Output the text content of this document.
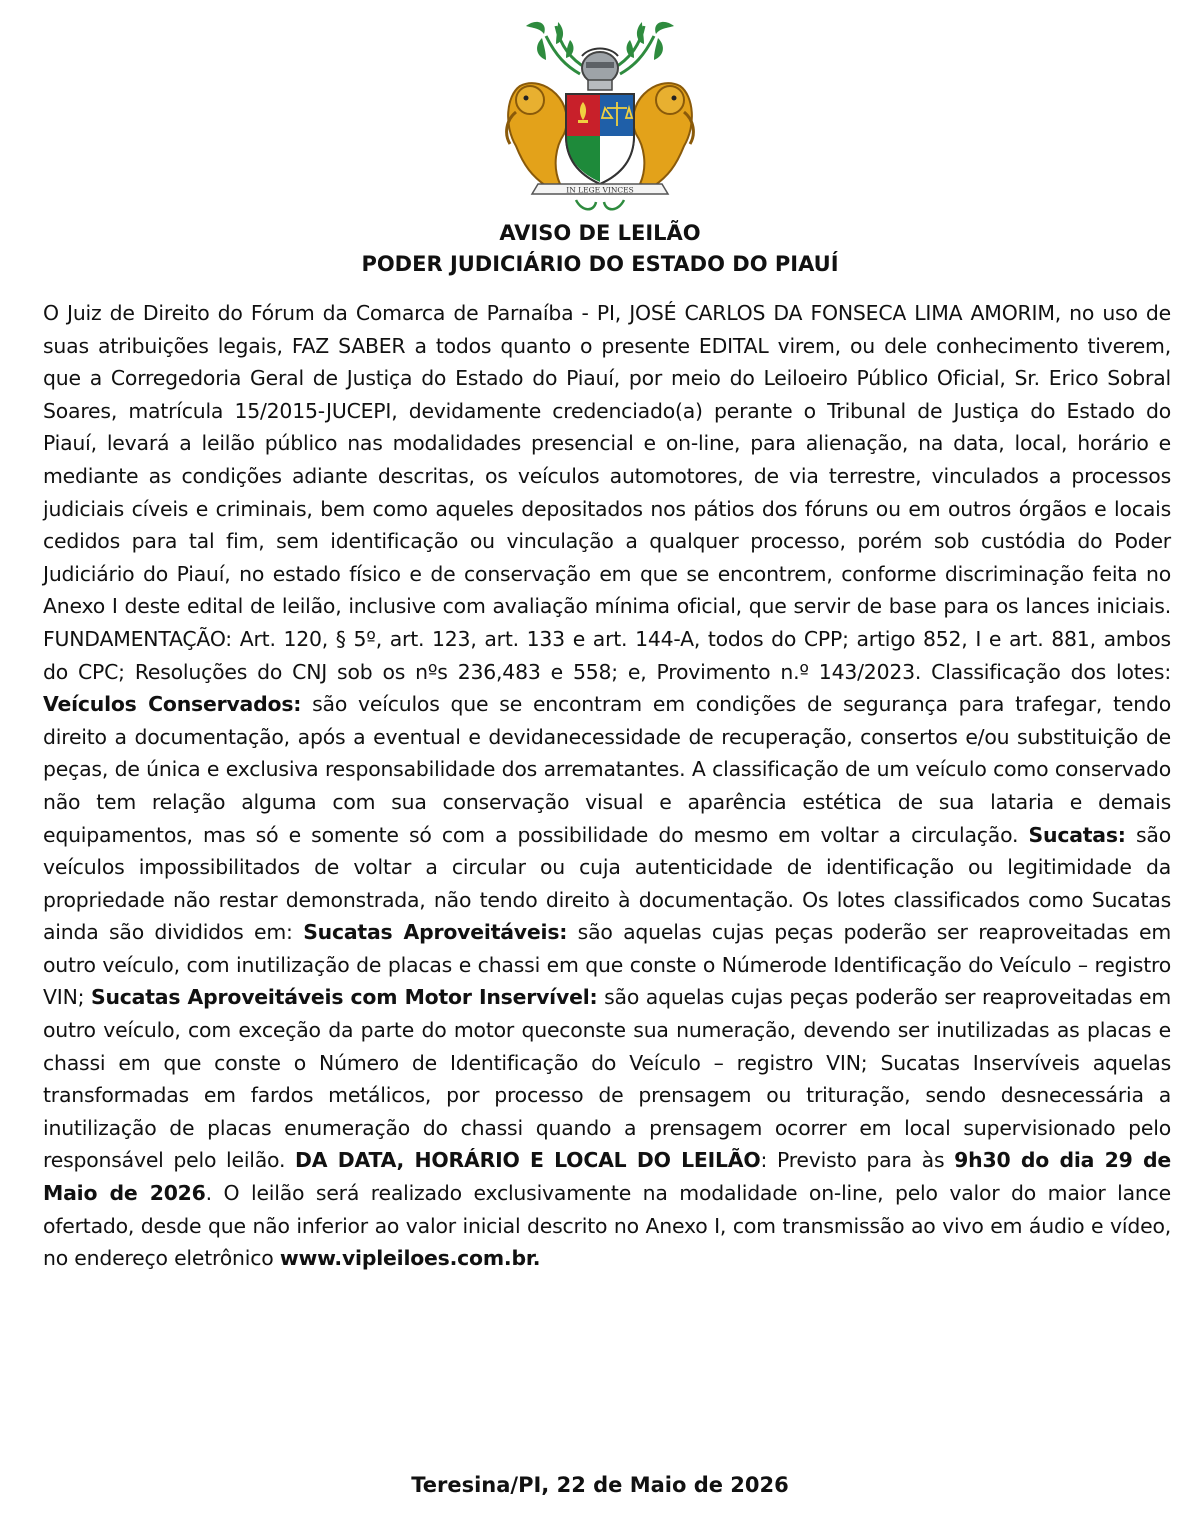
IN LEGE VINCES
AVISO DE LEILÃO
PODER JUDICIÁRIO DO ESTADO DO PIAUÍ

O Juiz de Direito do Fórum da Comarca de Parnaíba - PI, JOSÉ CARLOS DA FONSECA LIMA AMORIM, no uso de suas atribuições legais, FAZ SABER a todos quanto o presente EDITAL virem, ou dele conhecimento tiverem, que a Corregedoria Geral de Justiça do Estado do Piauí, por meio do Leiloeiro Público Oficial, Sr. Erico Sobral Soares, matrícula 15/2015-JUCEPI, devidamente credenciado(a) perante o Tribunal de Justiça do Estado do Piauí, levará a leilão público nas modalidades presencial e on-line, para alienação, na data, local, horário e mediante as condições adiante descritas, os veículos automotores, de via terrestre, vinculados a processos judiciais cíveis e criminais, bem como aqueles depositados nos pátios dos fóruns ou em outros órgãos e locais cedidos para tal fim, sem identificação ou vinculação a qualquer processo, porém sob custódia do Poder Judiciário do Piauí, no estado físico e de conservação em que se encontrem, conforme discriminação feita no Anexo I deste edital de leilão, inclusive com avaliação mínima oficial, que servir de base para os lances iniciais. FUNDAMENTAÇÃO: Art. 120, § 5º, art. 123, art. 133 e art. 144-A, todos do CPP; artigo 852, I e art. 881, ambos do CPC; Resoluções do CNJ sob os nºs 236,483 e 558; e, Provimento n.º 143/2023. Classificação dos lotes: Veículos Conservados: são veículos que se encontram em condições de segurança para trafegar, tendo direito a documentação, após a eventual e devidanecessidade de recuperação, consertos e/ou substituição de peças, de única e exclusiva responsabilidade dos arrematantes. A classificação de um veículo como conservado não tem relação alguma com sua conservação visual e aparência estética de sua lataria e demais equipamentos, mas só e somente só com a possibilidade do mesmo em voltar a circulação. Sucatas: são veículos impossibilitados de voltar a circular ou cuja autenticidade de identificação ou legitimidade da propriedade não restar demonstrada, não tendo direito à documentação. Os lotes classificados como Sucatas ainda são divididos em: Sucatas Aproveitáveis: são aquelas cujas peças poderão ser reaproveitadas em outro veículo, com inutilização de placas e chassi em que conste o Númerode Identificação do Veículo – registro VIN; Sucatas Aproveitáveis com Motor Inservível: são aquelas cujas peças poderão ser reaproveitadas em outro veículo, com exceção da parte do motor queconste sua numeração, devendo ser inutilizadas as placas e chassi em que conste o Número de Identificação do Veículo – registro VIN; Sucatas Inservíveis aquelas transformadas em fardos metálicos, por processo de prensagem ou trituração, sendo desnecessária a inutilização de placas enumeração do chassi quando a prensagem ocorrer em local supervisionado pelo responsável pelo leilão. DA DATA, HORÁRIO E LOCAL DO LEILÃO: Previsto para às 9h30 do dia 29 de Maio de 2026. O leilão será realizado exclusivamente na modalidade on-line, pelo valor do maior lance ofertado, desde que não inferior ao valor inicial descrito no Anexo I, com transmissão ao vivo em áudio e vídeo, no endereço eletrônico www.vipleiloes.com.br.

Teresina/PI, 22 de Maio de 2026
